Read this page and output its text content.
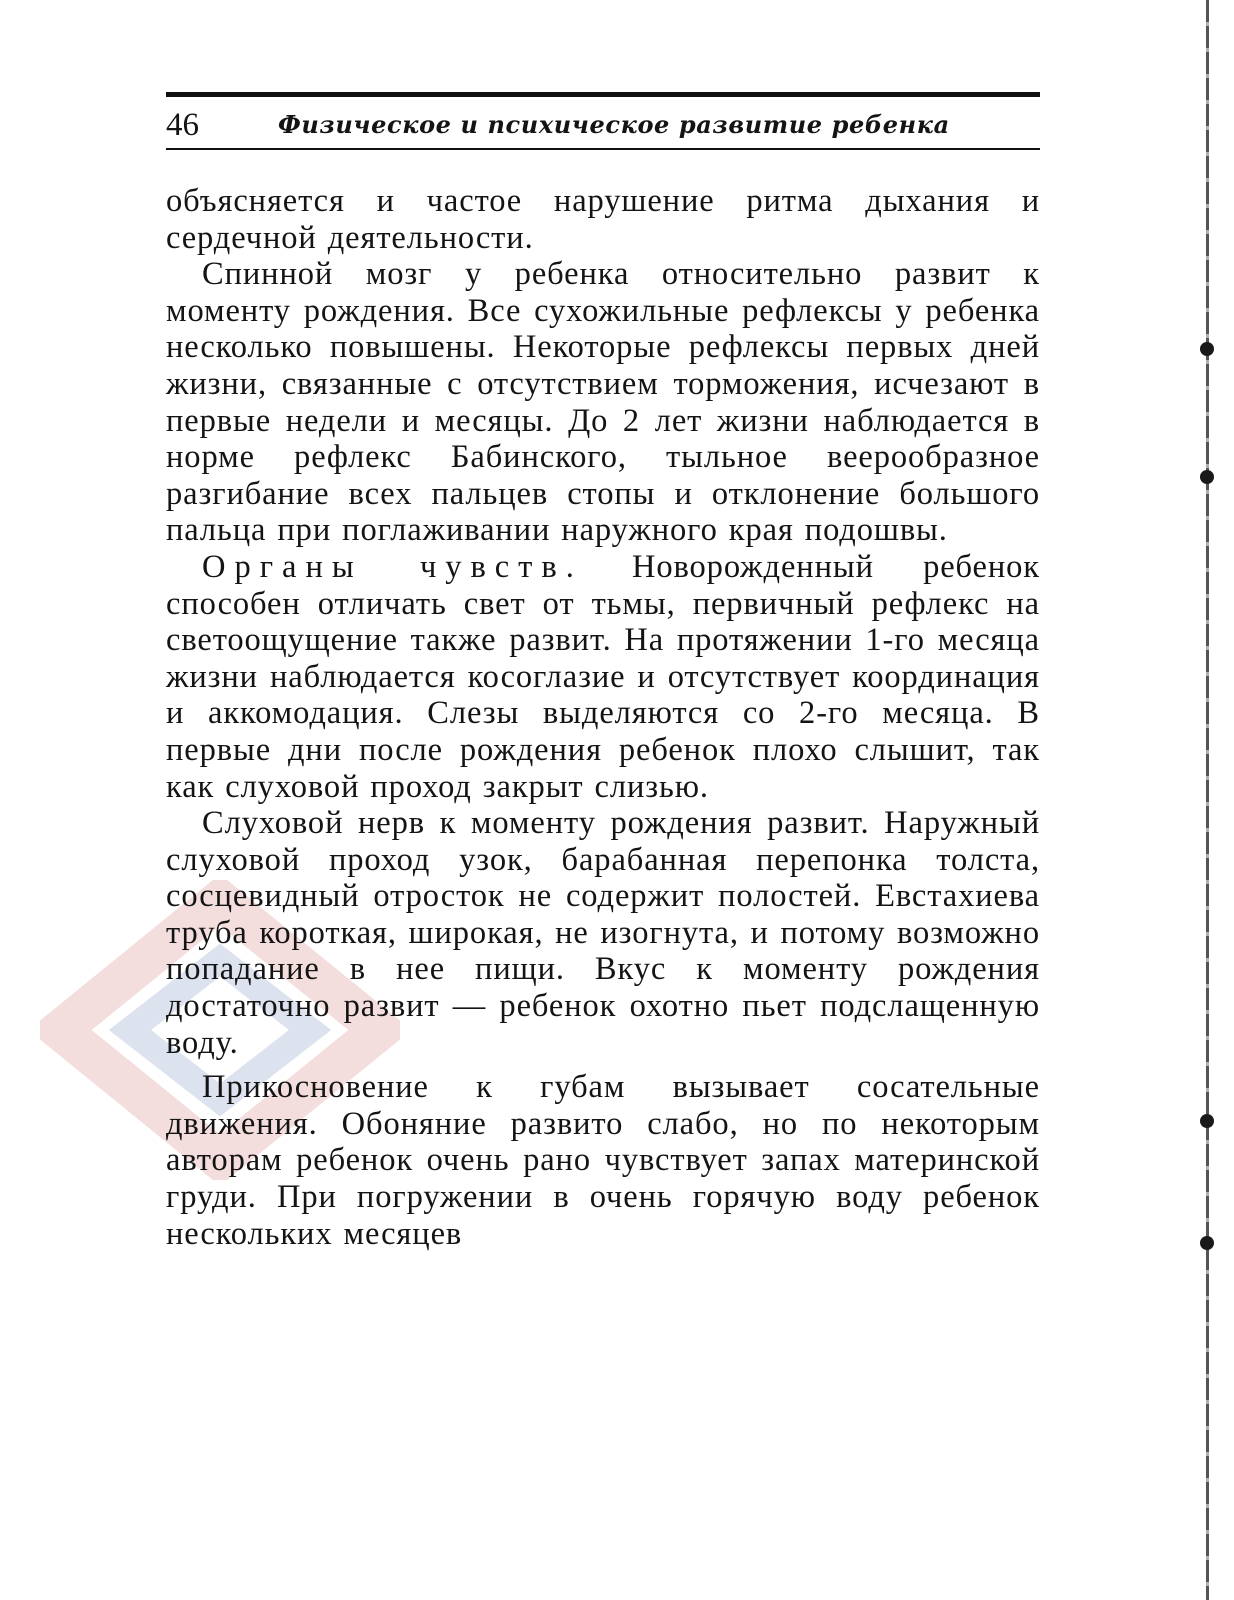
46	Физическое и психическое развитие ребенка

объясняется и частое нарушение ритма дыхания и сердечной деятельности.

Спинной мозг у ребенка относительно развит к моменту рождения. Все сухожильные рефлексы у ребенка несколько повышены. Некоторые рефлексы первых дней жизни, связанные с отсутствием торможения, исчезают в первые недели и месяцы. До 2 лет жизни наблюдается в норме рефлекс Бабинского, тыльное веерообразное разгибание всех пальцев стопы и отклонение большого пальца при поглаживании наружного края подошвы.

Органы чувств. Новорожденный ребенок способен отличать свет от тьмы, первичный рефлекс на светоощущение также развит. На протяжении 1-го месяца жизни наблюдается косоглазие и отсутствует координация и аккомодация. Слезы выделяются со 2-го месяца. В первые дни после рождения ребенок плохо слышит, так как слуховой проход закрыт слизью.

Слуховой нерв к моменту рождения развит. Наружный слуховой проход узок, барабанная перепонка толста, сосцевидный отросток не содержит полостей. Евстахиева труба короткая, широкая, не изогнута, и потому возможно попадание в нее пищи. Вкус к моменту рождения достаточно развит — ребенок охотно пьет подслащенную воду.

Прикосновение к губам вызывает сосательные движения. Обоняние развито слабо, но по некоторым авторам ребенок очень рано чувствует запах материнской груди. При погружении в очень горячую воду ребенок нескольких месяцев
